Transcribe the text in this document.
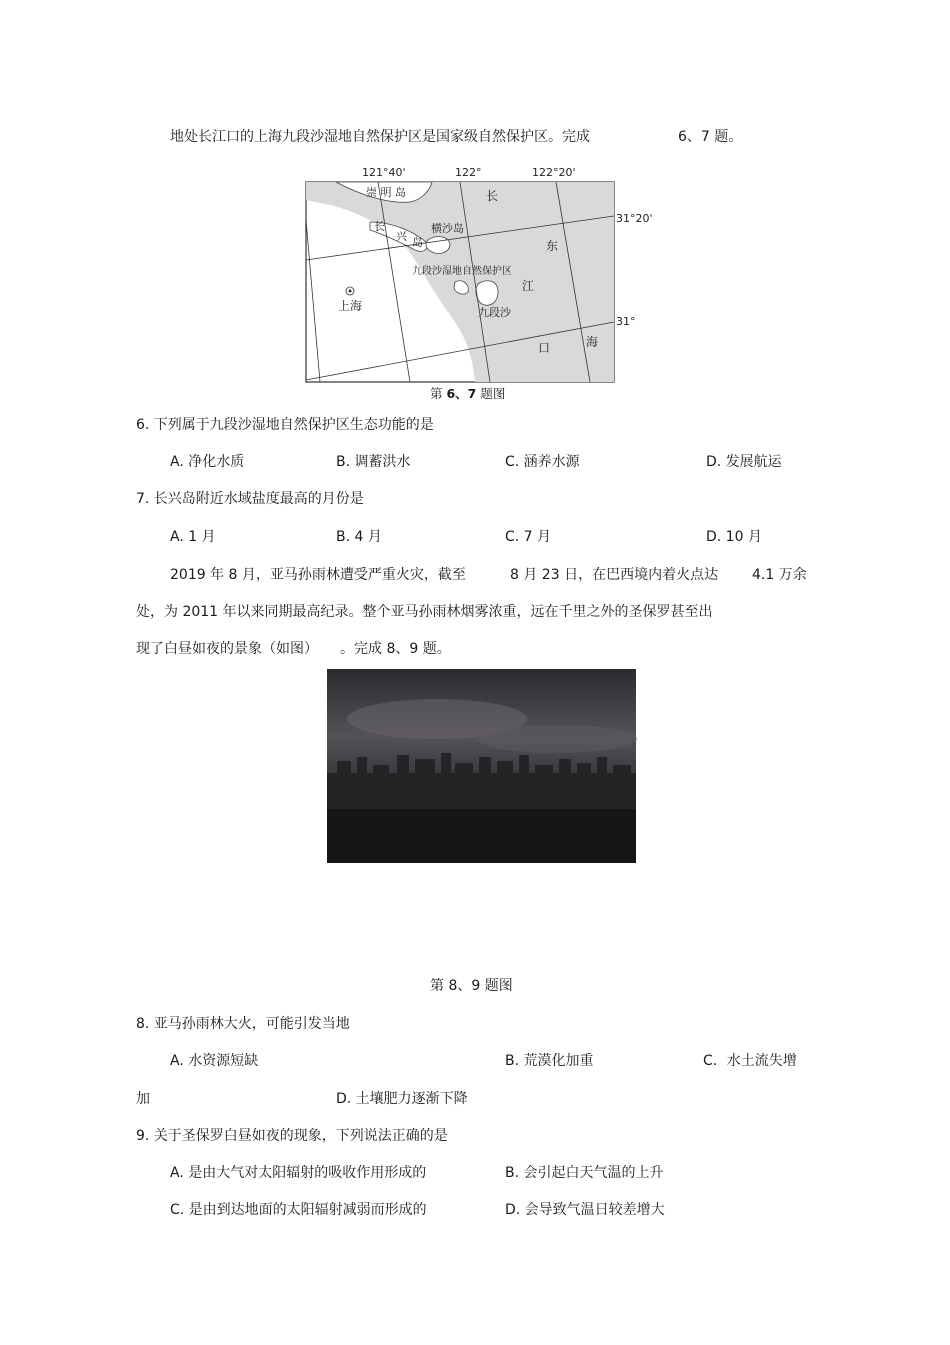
地处长江口的上海九段沙湿地自然保护区是国家级自然保护区。完成	6、7 题。
121°40'	122°	122°20'
31°20'
31°
崇 明 岛	长
东
江
口	海
横沙岛
长
兴 岛
九段沙湿地自然保护区
上海	九段沙
第 6、7 题图
6. 下列属于九段沙湿地自然保护区生态功能的是
A. 净化水质	B. 调蓄洪水	C. 涵养水源	D. 发展航运
7. 长兴岛附近水域盐度最高的月份是
A. 1 月	B. 4 月	C. 7 月	D. 10 月
2019 年 8 月，亚马孙雨林遭受严重火灾，截至	8 月 23 日，在巴西境内着火点达 4.1 万余
处，为 2011 年以来同期最高纪录。整个亚马孙雨林烟雾浓重，远在千里之外的圣保罗甚至出
现了白昼如夜的景象（如图） 。完成 8、9 题。
第 8、9 题图
8. 亚马孙雨林大火，可能引发当地
A. 水资源短缺	B. 荒漠化加重	C．水土流失增
加	D. 土壤肥力逐渐下降
9. 关于圣保罗白昼如夜的现象，下列说法正确的是
A. 是由大气对太阳辐射的吸收作用形成的	B. 会引起白天气温的上升
C. 是由到达地面的太阳辐射减弱而形成的	D. 会导致气温日较差增大
